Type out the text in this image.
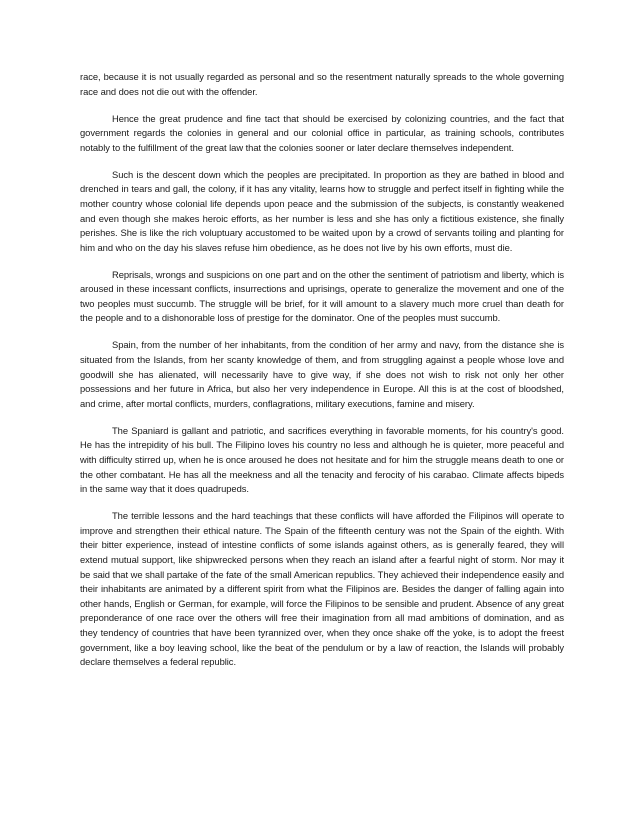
race, because it is not usually regarded as personal and so the resentment naturally spreads to the whole governing race and does not die out with the offender.

Hence the great prudence and fine tact that should be exercised by colonizing countries, and the fact that government regards the colonies in general and our colonial office in particular, as training schools, contributes notably to the fulfillment of the great law that the colonies sooner or later declare themselves independent.

Such is the descent down which the peoples are precipitated. In proportion as they are bathed in blood and drenched in tears and gall, the colony, if it has any vitality, learns how to struggle and perfect itself in fighting while the mother country whose colonial life depends upon peace and the submission of the subjects, is constantly weakened and even though she makes heroic efforts, as her number is less and she has only a fictitious existence, she finally perishes. She is like the rich voluptuary accustomed to be waited upon by a crowd of servants toiling and planting for him and who on the day his slaves refuse him obedience, as he does not live by his own efforts, must die.

Reprisals, wrongs and suspicions on one part and on the other the sentiment of patriotism and liberty, which is aroused in these incessant conflicts, insurrections and uprisings, operate to generalize the movement and one of the two peoples must succumb. The struggle will be brief, for it will amount to a slavery much more cruel than death for the people and to a dishonorable loss of prestige for the dominator. One of the peoples must succumb.

Spain, from the number of her inhabitants, from the condition of her army and navy, from the distance she is situated from the Islands, from her scanty knowledge of them, and from struggling against a people whose love and goodwill she has alienated, will necessarily have to give way, if she does not wish to risk not only her other possessions and her future in Africa, but also her very independence in Europe. All this is at the cost of bloodshed, and crime, after mortal conflicts, murders, conflagrations, military executions, famine and misery.

The Spaniard is gallant and patriotic, and sacrifices everything in favorable moments, for his country's good. He has the intrepidity of his bull. The Filipino loves his country no less and although he is quieter, more peaceful and with difficulty stirred up, when he is once aroused he does not hesitate and for him the struggle means death to one or the other combatant. He has all the meekness and all the tenacity and ferocity of his carabao. Climate affects bipeds in the same way that it does quadrupeds.

The terrible lessons and the hard teachings that these conflicts will have afforded the Filipinos will operate to improve and strengthen their ethical nature. The Spain of the fifteenth century was not the Spain of the eighth. With their bitter experience, instead of intestine conflicts of some islands against others, as is generally feared, they will extend mutual support, like shipwrecked persons when they reach an island after a fearful night of storm. Nor may it be said that we shall partake of the fate of the small American republics. They achieved their independence easily and their inhabitants are animated by a different spirit from what the Filipinos are. Besides the danger of falling again into other hands, English or German, for example, will force the Filipinos to be sensible and prudent. Absence of any great preponderance of one race over the others will free their imagination from all mad ambitions of domination, and as they tendency of countries that have been tyrannized over, when they once shake off the yoke, is to adopt the freest government, like a boy leaving school, like the beat of the pendulum or by a law of reaction, the Islands will probably declare themselves a federal republic.
